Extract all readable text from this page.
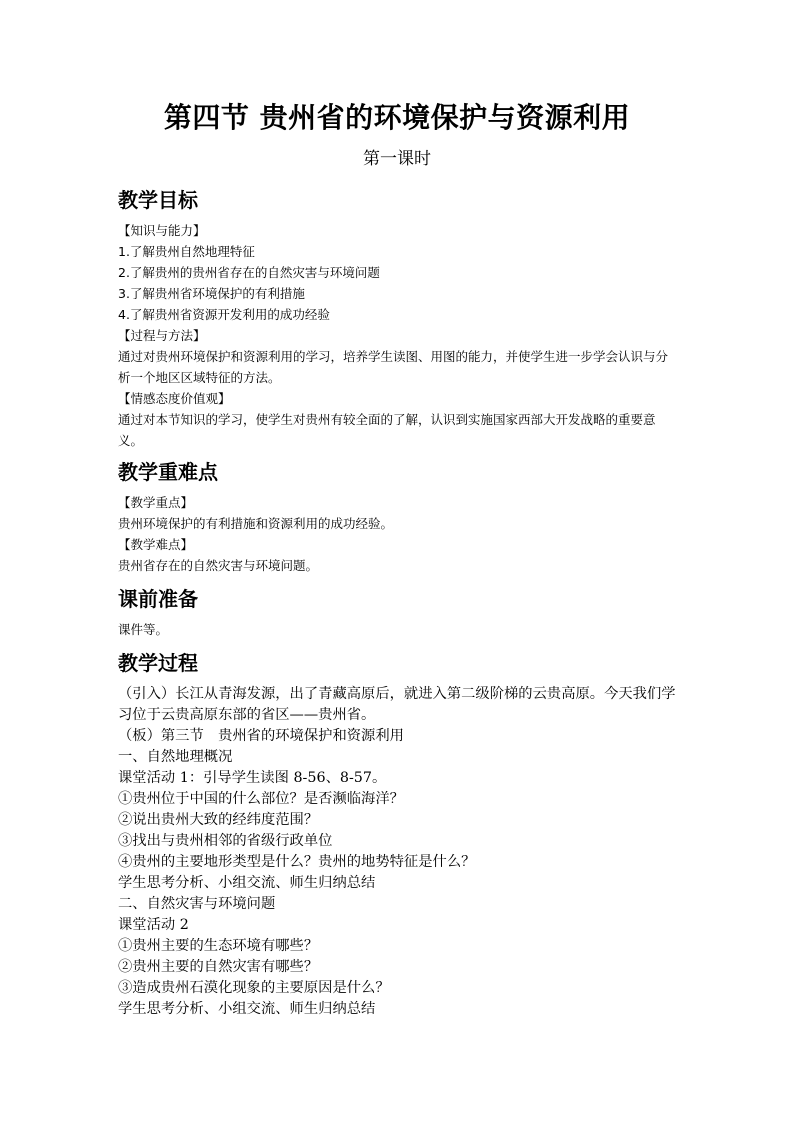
第四节 贵州省的环境保护与资源利用
第一课时
教学目标

【知识与能力】

1.了解贵州自然地理特征

2.了解贵州的贵州省存在的自然灾害与环境问题

3.了解贵州省环境保护的有利措施

4.了解贵州省资源开发利用的成功经验

【过程与方法】

通过对贵州环境保护和资源利用的学习，培养学生读图、用图的能力，并使学生进一步学会认识与分析一个地区区域特征的方法。

【情感态度价值观】

通过对本节知识的学习，使学生对贵州有较全面的了解，认识到实施国家西部大开发战略的重要意义。

教学重难点

【教学重点】

贵州环境保护的有利措施和资源利用的成功经验。

【教学难点】

贵州省存在的自然灾害与环境问题。

课前准备

课件等。

教学过程

（引入）长江从青海发源，出了青藏高原后，就进入第二级阶梯的云贵高原。今天我们学习位于云贵高原东部的省区——贵州省。

（板）第三节　贵州省的环境保护和资源利用

一、自然地理概况

课堂活动 1：引导学生读图 8-56、8-57。

①贵州位于中国的什么部位？是否濒临海洋？

②说出贵州大致的经纬度范围？

③找出与贵州相邻的省级行政单位

④贵州的主要地形类型是什么？贵州的地势特征是什么？

学生思考分析、小组交流、师生归纳总结

二、自然灾害与环境问题

课堂活动 2

①贵州主要的生态环境有哪些？

②贵州主要的自然灾害有哪些？

③造成贵州石漠化现象的主要原因是什么？

学生思考分析、小组交流、师生归纳总结
